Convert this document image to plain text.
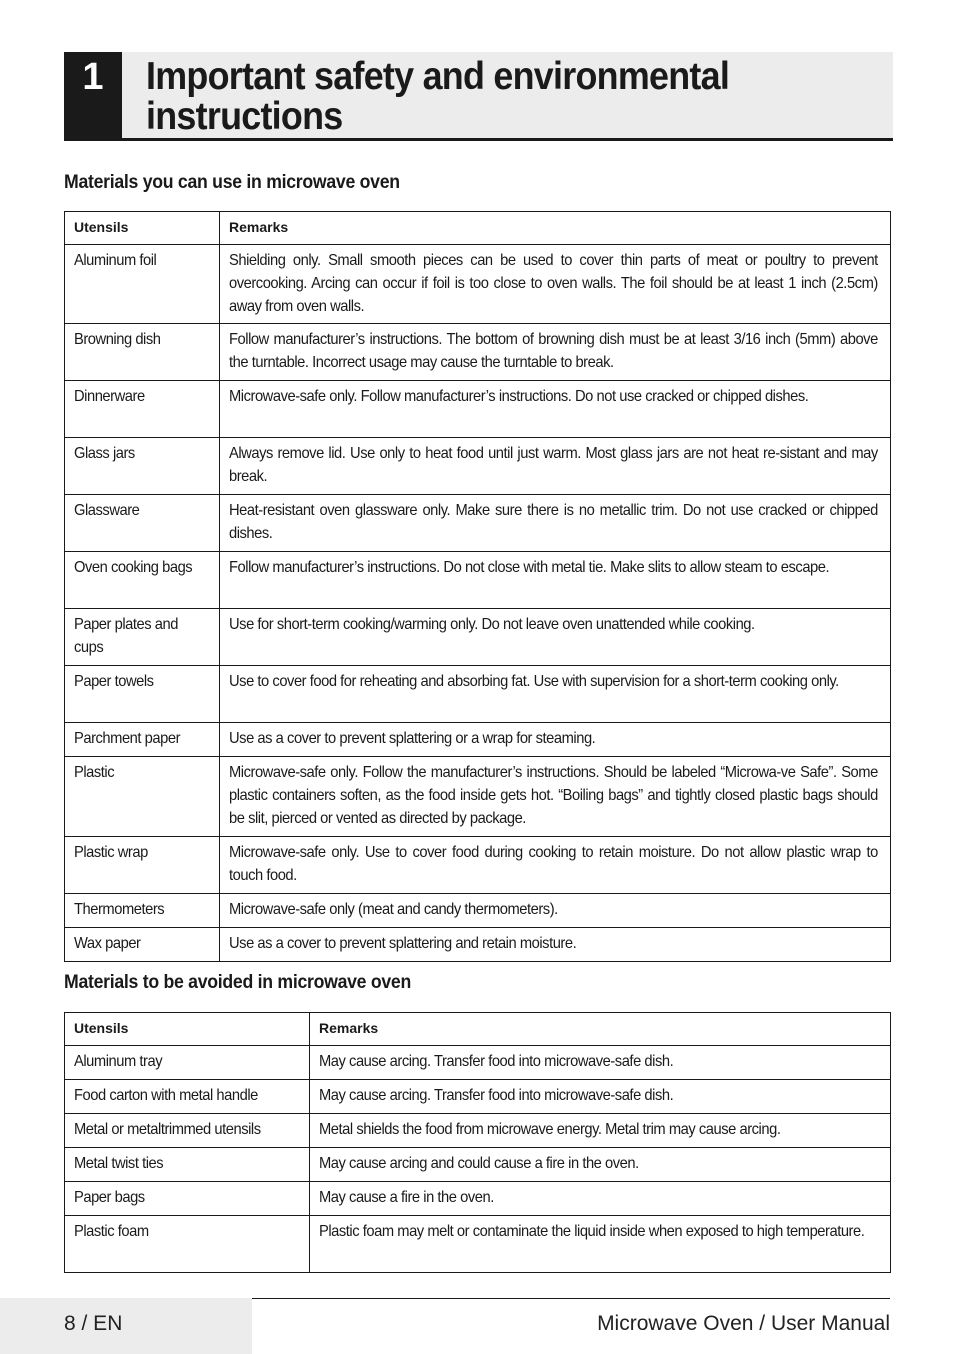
1	Important safety and environmental instructions
Materials you can use in microwave oven
Utensils	Remarks

Aluminum foil	Shielding only. Small smooth pieces can be used to cover thin parts of meat or poultry to prevent overcooking. Arcing can occur if foil is too close to oven walls. The foil should be at least 1 inch (2.5cm) away from oven walls.

Browning dish	Follow manufacturer’s instructions. The bottom of browning dish must be at least 3/16 inch (5mm) above the turntable. Incorrect usage may cause the turntable to break.

Dinnerware	Microwave-safe only. Follow manufacturer’s instructions. Do not use cracked or chipped dishes.

Glass jars	Always remove lid. Use only to heat food until just warm. Most glass jars are not heat re-sistant and may break.

Glassware	Heat-resistant oven glassware only. Make sure there is no metallic trim. Do not use cracked or chipped dishes.

Oven cooking bags	Follow manufacturer’s instructions. Do not close with metal tie. Make slits to allow steam to escape.

Paper plates and cups	Use for short-term cooking/warming only. Do not leave oven unattended while cooking.

Paper towels	Use to cover food for reheating and absorbing fat. Use with supervision for a short-term cooking only.

Parchment paper	Use as a cover to prevent splattering or a wrap for steaming.

Plastic	Microwave-safe only. Follow the manufacturer’s instructions. Should be labeled “Microwa-ve Safe”. Some plastic containers soften, as the food inside gets hot. “Boiling bags” and tightly closed plastic bags should be slit, pierced or vented as directed by package.

Plastic wrap	Microwave-safe only. Use to cover food during cooking to retain moisture. Do not allow plastic wrap to touch food.

Thermometers	Microwave-safe only (meat and candy thermometers).

Wax paper	Use as a cover to prevent splattering and retain moisture.
Materials to be avoided in microwave oven
Utensils	Remarks

Aluminum tray	May cause arcing. Transfer food into microwave-safe dish.

Food carton with metal handle	May cause arcing. Transfer food into microwave-safe dish.

Metal or metaltrimmed utensils	Metal shields the food from microwave energy. Metal trim may cause arcing.

Metal twist ties	May cause arcing and could cause a fire in the oven.

Paper bags	May cause a fire in the oven.

Plastic foam	Plastic foam may melt or contaminate the liquid inside when exposed to high temperature.
8 / EN	Microwave Oven / User Manual
